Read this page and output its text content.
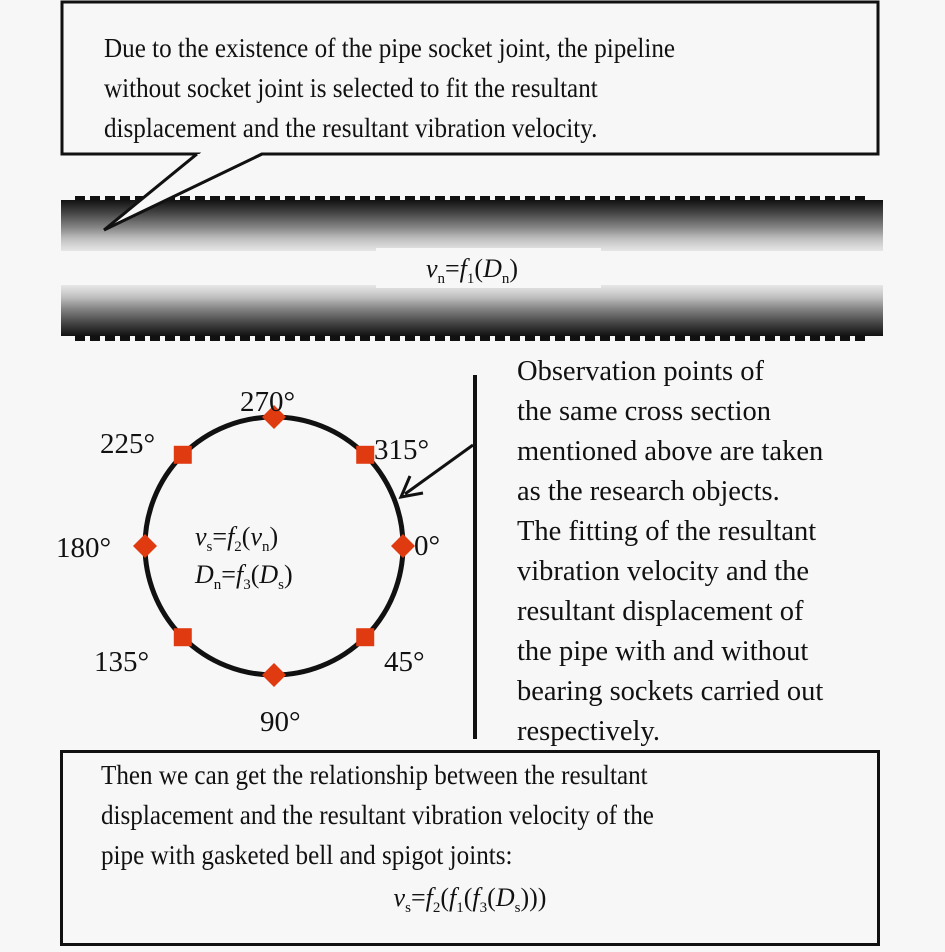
Due to the existence of the pipe socket joint, the pipeline
without socket joint is selected to fit the resultant
displacement and the resultant vibration velocity.
$v_n=f_1(D_n)$
270°
315°
225°
180°	0°
135°	45°
90°
$v_s=f_2(v_n)$
$D_n=f_3(D_s)$
Observation points of
the same cross section
mentioned above are taken
as the research objects.
The fitting of the resultant
vibration velocity and the
resultant displacement of
the pipe with and without
bearing sockets carried out
respectively.
Then we can get the relationship between the resultant
displacement and the resultant vibration velocity of the
pipe with gasketed bell and spigot joints:
$v_s=f_2(f_1(f_3(D_s)))$
